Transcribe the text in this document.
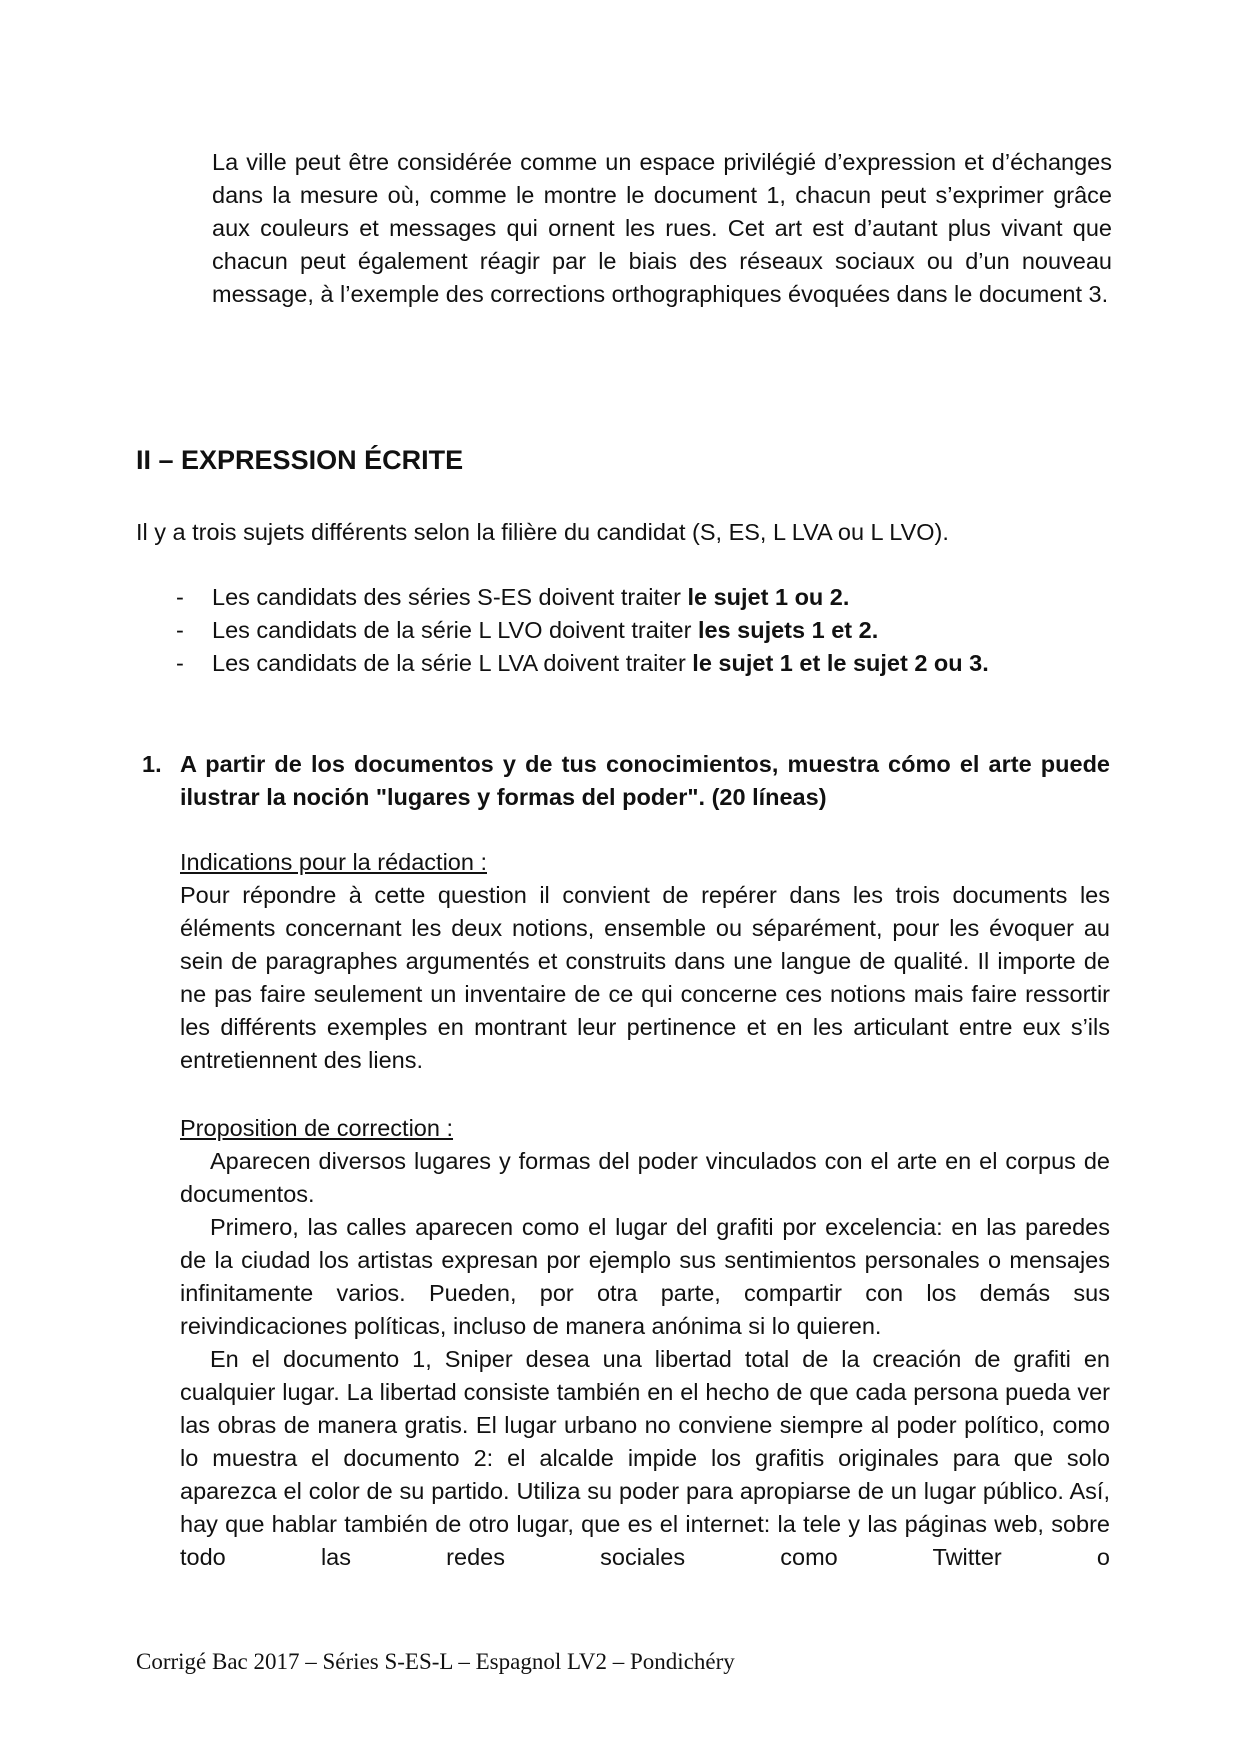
La ville peut être considérée comme un espace privilégié d’expression et d’échanges dans la mesure où, comme le montre le document 1, chacun peut s’exprimer grâce aux couleurs et messages qui ornent les rues. Cet art est d’autant plus vivant que chacun peut également réagir par le biais des réseaux sociaux ou d’un nouveau message, à l’exemple des corrections orthographiques évoquées dans le document 3.

II – EXPRESSION ÉCRITE

Il y a trois sujets différents selon la filière du candidat (S, ES, L LVA ou L LVO).

- Les candidats des séries S-ES doivent traiter le sujet 1 ou 2.
- Les candidats de la série L LVO doivent traiter les sujets 1 et 2.
- Les candidats de la série L LVA doivent traiter le sujet 1 et le sujet 2 ou 3.
1. A partir de los documentos y de tus conocimientos, muestra cómo el arte puede ilustrar la noción "lugares y formas del poder". (20 líneas)

Indications pour la rédaction :

Pour répondre à cette question il convient de repérer dans les trois documents les éléments concernant les deux notions, ensemble ou séparément, pour les évoquer au sein de paragraphes argumentés et construits dans une langue de qualité. Il importe de ne pas faire seulement un inventaire de ce qui concerne ces notions mais faire ressortir les différents exemples en montrant leur pertinence et en les articulant entre eux s’ils entretiennent des liens.

Proposition de correction :

Aparecen diversos lugares y formas del poder vinculados con el arte en el corpus de documentos.

Primero, las calles aparecen como el lugar del grafiti por excelencia: en las paredes de la ciudad los artistas expresan por ejemplo sus sentimientos personales o mensajes infinitamente varios. Pueden, por otra parte, compartir con los demás sus reivindicaciones políticas, incluso de manera anónima si lo quieren.

En el documento 1, Sniper desea una libertad total de la creación de grafiti en cualquier lugar. La libertad consiste también en el hecho de que cada persona pueda ver las obras de manera gratis. El lugar urbano no conviene siempre al poder político, como lo muestra el documento 2: el alcalde impide los grafitis originales para que solo aparezca el color de su partido. Utiliza su poder para apropiarse de un lugar público. Así, hay que hablar también de otro lugar, que es el internet: la tele y las páginas web, sobre todo las redes sociales como Twitter o

Corrigé Bac 2017 – Séries S-ES-L – Espagnol LV2 – Pondichéry
